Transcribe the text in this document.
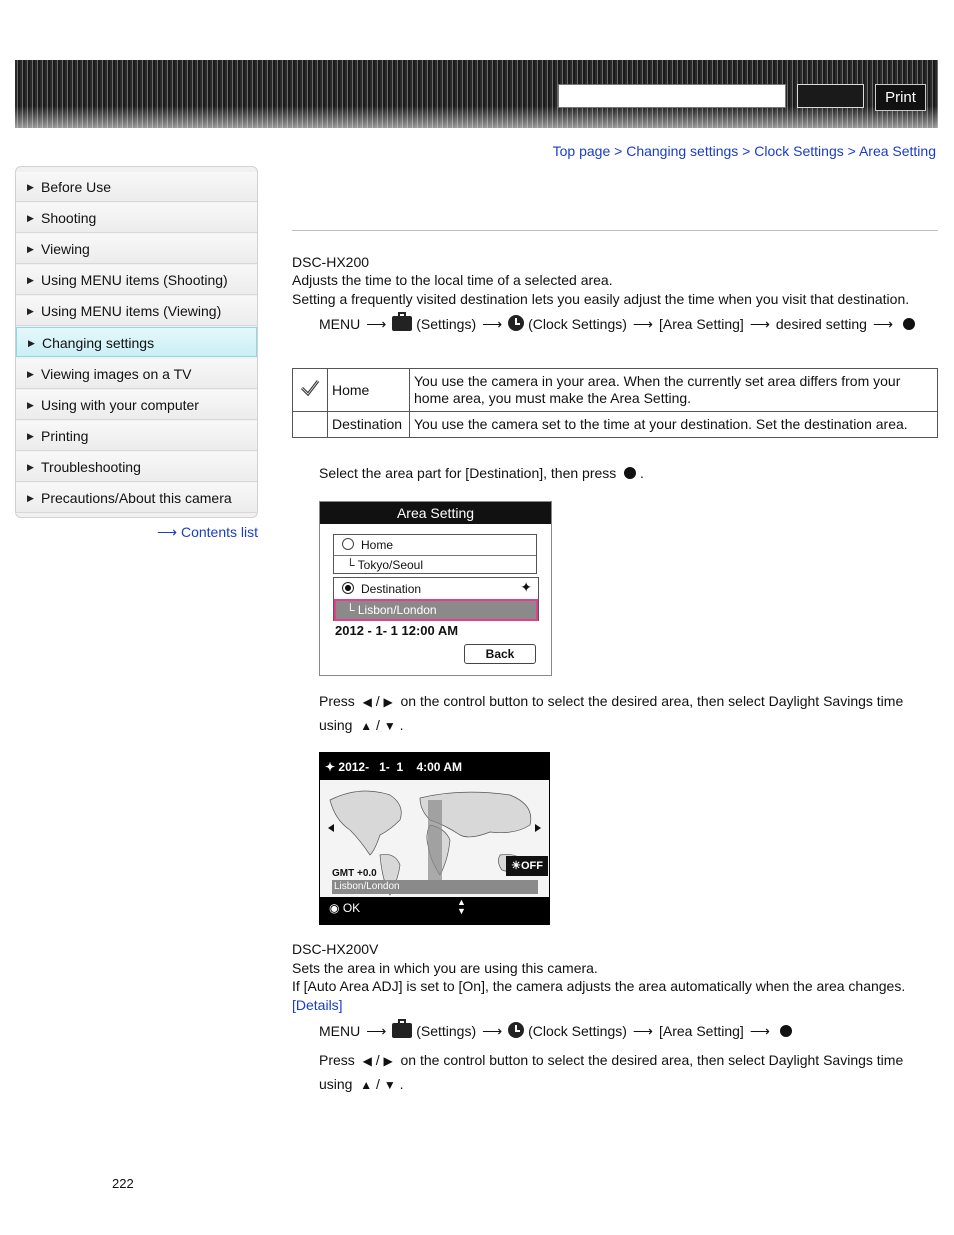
Print
Top page > Changing settings > Clock Settings > Area Setting
▶ Before Use
▶ Shooting
▶ Viewing
▶ Using MENU items (Shooting)
▶ Using MENU items (Viewing)
▶ Changing settings
▶ Viewing images on a TV
▶ Using with your computer
▶ Printing
▶ Troubleshooting
▶ Precautions/About this camera
⟶ Contents list
DSC-HX200
Adjusts the time to the local time of a selected area.
Setting a frequently visited destination lets you easily adjust the time when you visit that destination.
MENU ⟶ (Settings) ⟶ (Clock Settings) ⟶ [Area Setting] ⟶ desired setting ⟶
	Home	You use the camera in your area. When the currently set area differs from your home area, you must make the Area Setting.
	Destination	You use the camera set to the time at your destination. Set the destination area.
Select the area part for [Destination], then press .
Area Setting
Home
└ Tokyo/Seoul
Destination	✦
└ Lisbon/London
2012 - 1- 1 12:00 AM
Back
Press ◀ / ▶ on the control button to select the desired area, then select Daylight Savings time
using ▲ / ▼ .
✦ 2012-   1-  1    4:00 AM
GMT +0.0
Lisbon/London
☀OFF
◉ OK	▲
▼
DSC-HX200V
Sets the area in which you are using this camera.
If [Auto Area ADJ] is set to [On], the camera adjusts the area automatically when the area changes.
[Details]
MENU ⟶ (Settings) ⟶ (Clock Settings) ⟶ [Area Setting] ⟶
Press ◀ / ▶ on the control button to select the desired area, then select Daylight Savings time
using ▲ / ▼ .
222
